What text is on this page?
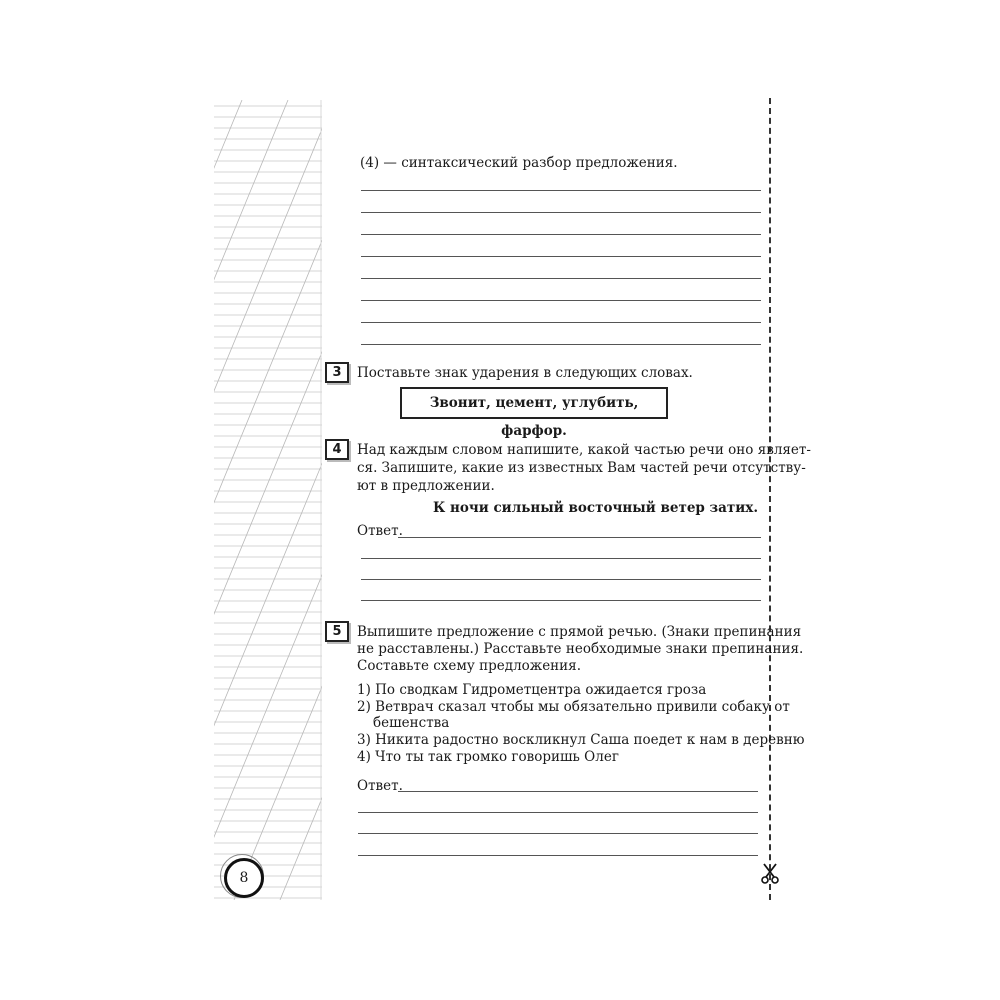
(4) — синтаксический разбор предложения.
3	Поставьте знак ударения в следующих словах.
Звонит, цемент, углубить, фарфор.
4	Над каждым словом напишите, какой частью речи оно являет-
ся. Запишите, какие из известных Вам частей речи отсутству-
ют в предложении.
К ночи сильный восточный ветер затих.
Ответ.
5	Выпишите предложение с прямой речью. (Знаки препинания
не расставлены.) Расставьте необходимые знаки препинания.
Составьте схему предложения.
1) По сводкам Гидрометцентра ожидается гроза
2) Ветврач сказал чтобы мы обязательно привили собаку от
бешенства
3) Никита радостно воскликнул Саша поедет к нам в деревню
4) Что ты так громко говоришь Олег
Ответ.
8
